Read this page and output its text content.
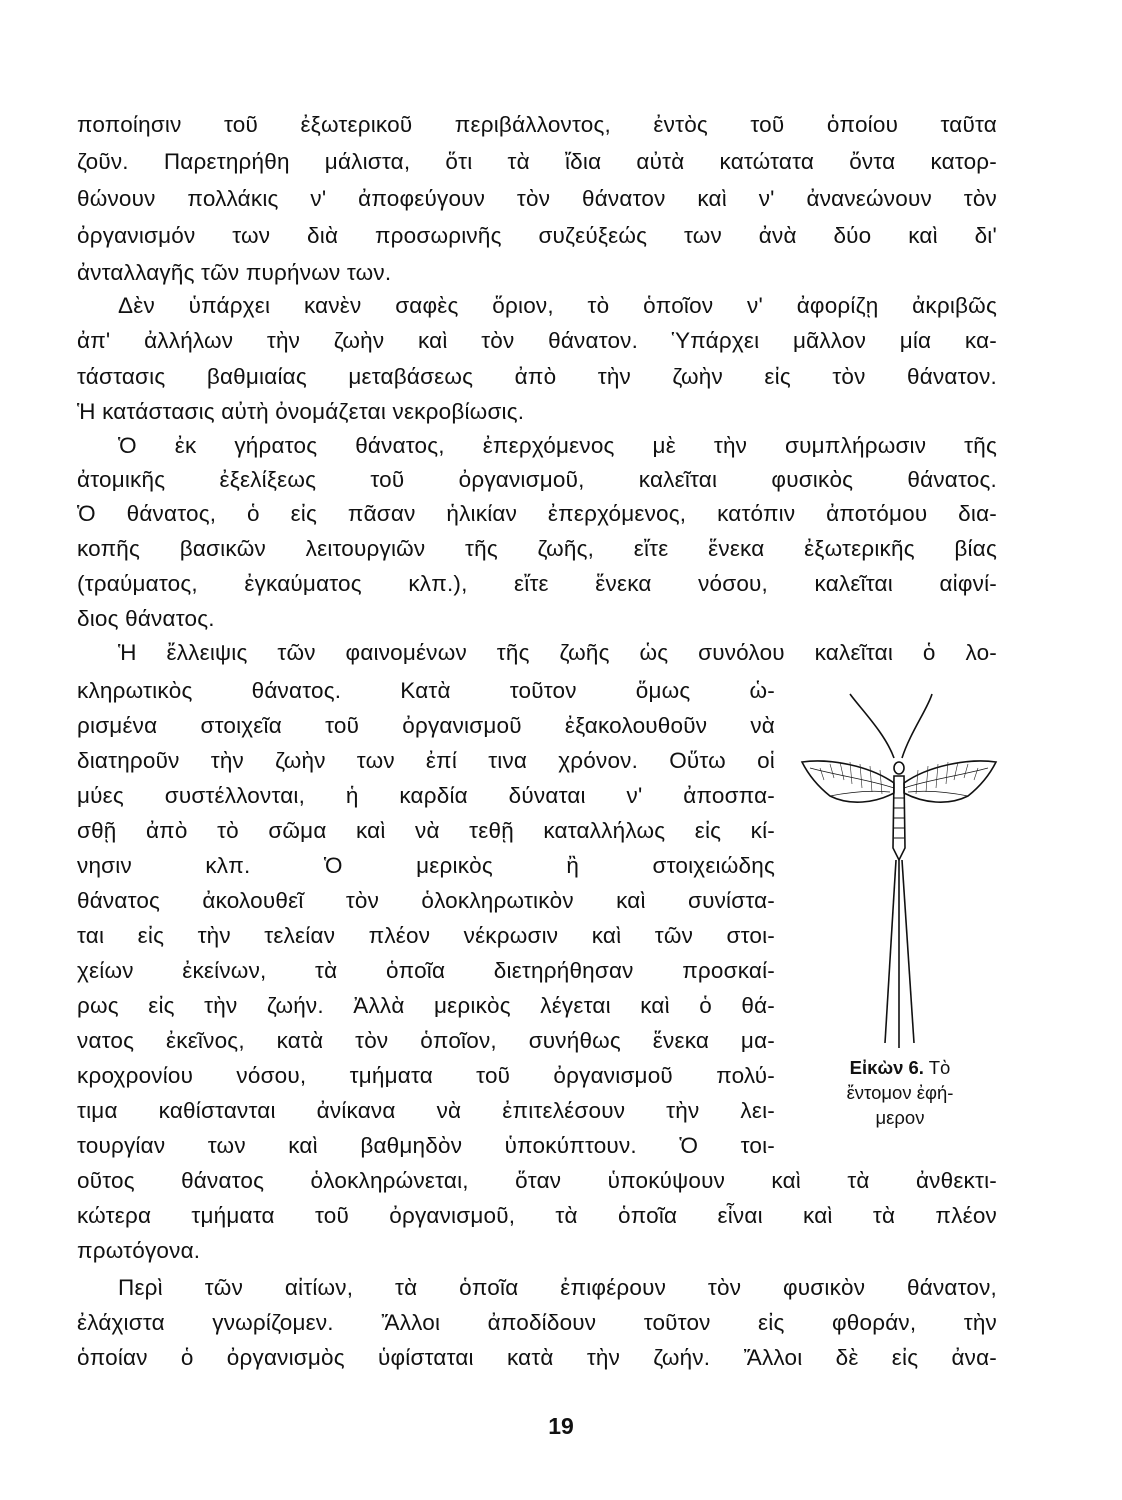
ποποίησιν τοῦ ἐξωτερικοῦ περιβάλλοντος, ἐντὸς τοῦ ὁποίου ταῦτα
ζοῦν. Παρετηρήθη μάλιστα, ὅτι τὰ ἴδια αὐτὰ κατώτατα ὄντα κατορ-
θώνουν πολλάκις ν' ἀποφεύγουν τὸν θάνατον καὶ ν' ἀνανεώνουν τὸν
ὀργανισμόν των διὰ προσωρινῆς συζεύξεώς των ἀνὰ δύο καὶ δι'
ἀνταλλαγῆς τῶν πυρήνων των.
Δὲν ὑπάρχει κανὲν σαφὲς ὅριον, τὸ ὁποῖον ν' ἀφορίζῃ ἀκριβῶς
ἀπ' ἀλλήλων τὴν ζωὴν καὶ τὸν θάνατον. Ὑπάρχει μᾶλλον μία κα-
τάστασις βαθμιαίας μεταβάσεως ἀπὸ τὴν ζωὴν εἰς τὸν θάνατον.
Ἡ κατάστασις αὐτὴ ὀνομάζεται νεκροβίωσις.
Ὁ ἐκ γήρατος θάνατος, ἐπερχόμενος μὲ τὴν συμπλήρωσιν τῆς
ἀτομικῆς ἐξελίξεως τοῦ ὀργανισμοῦ, καλεῖται φυσικὸς θάνατος.
Ὁ θάνατος, ὁ εἰς πᾶσαν ἡλικίαν ἐπερχόμενος, κατόπιν ἀποτόμου δια-
κοπῆς βασικῶν λειτουργιῶν τῆς ζωῆς, εἴτε ἕνεκα ἐξωτερικῆς βίας
(τραύματος, ἐγκαύματος κλπ.), εἴτε ἕνεκα νόσου, καλεῖται αἰφνί-
διος θάνατος.
Ἡ ἔλλειψις τῶν φαινομένων τῆς ζωῆς ὡς συνόλου καλεῖται ὁ λο-
κληρωτικὸς θάνατος. Κατὰ τοῦτον ὅμως ὡ-
ρισμένα στοιχεῖα τοῦ ὀργανισμοῦ ἐξακολουθοῦν νὰ
διατηροῦν τὴν ζωὴν των ἐπί τινα χρόνον. Οὕτω οἱ
μύες συστέλλονται, ἡ καρδία δύναται ν' ἀποσπα-
σθῇ ἀπὸ τὸ σῶμα καὶ νὰ τεθῇ καταλλήλως εἰς κί-
νησιν κλπ. Ὁ μερικὸς ἢ στοιχειώδης
θάνατος ἀκολουθεῖ τὸν ὁλοκληρωτικὸν καὶ συνίστα-
ται εἰς τὴν τελείαν πλέον νέκρωσιν καὶ τῶν στοι-
χείων ἐκείνων, τὰ ὁποῖα διετηρήθησαν προσκαί-
ρως εἰς τὴν ζωήν. Ἀλλὰ μερικὸς λέγεται καὶ ὁ θά-
νατος ἐκεῖνος, κατὰ τὸν ὁποῖον, συνήθως ἕνεκα μα-
κροχρονίου νόσου, τμήματα τοῦ ὀργανισμοῦ πολύ-
τιμα καθίστανται ἀνίκανα νὰ ἐπιτελέσουν τὴν λει-
τουργίαν των καὶ βαθμηδὸν ὑποκύπτουν. Ὁ τοι-
οῦτος θάνατος ὁλοκληρώνεται, ὅταν ὑποκύψουν καὶ τὰ ἀνθεκτι-
κώτερα τμήματα τοῦ ὀργανισμοῦ, τὰ ὁποῖα εἶναι καὶ τὰ πλέον
πρωτόγονα.
Περὶ τῶν αἰτίων, τὰ ὁποῖα ἐπιφέρουν τὸν φυσικὸν θάνατον,
ἐλάχιστα γνωρίζομεν. Ἄλλοι ἀποδίδουν τοῦτον εἰς φθοράν, τὴν
ὁποίαν ὁ ὀργανισμὸς ὑφίσταται κατὰ τὴν ζωήν. Ἄλλοι δὲ εἰς ἀνα-
Εἰκὼν 6. Τὸ
ἔντομον ἐφή-
μερον
19
